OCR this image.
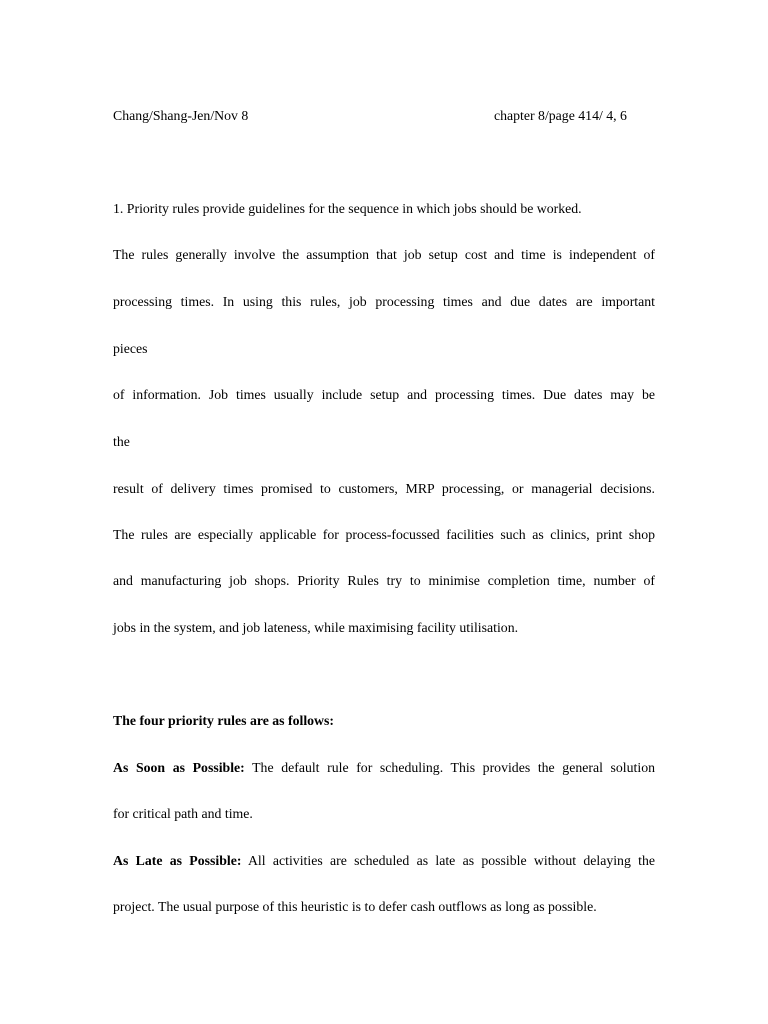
Chang/Shang-Jen/Nov 8	chapter 8/page 414/ 4, 6
1. Priority rules provide guidelines for the sequence in which jobs should be worked.
The rules generally involve the assumption that job setup cost and time is independent of
processing times. In using this rules, job processing times and due dates are important
pieces
of information. Job times usually include setup and processing times. Due dates may be
the
result of delivery times promised to customers, MRP processing, or managerial decisions.
The rules are especially applicable for process-focussed facilities such as clinics, print shop
and manufacturing job shops. Priority Rules try to minimise completion time, number of
jobs in the system, and job lateness, while maximising facility utilisation.
The four priority rules are as follows:
As Soon as Possible: The default rule for scheduling. This provides the general solution
for critical path and time.
As Late as Possible: All activities are scheduled as late as possible without delaying the
project. The usual purpose of this heuristic is to defer cash outflows as long as possible.
